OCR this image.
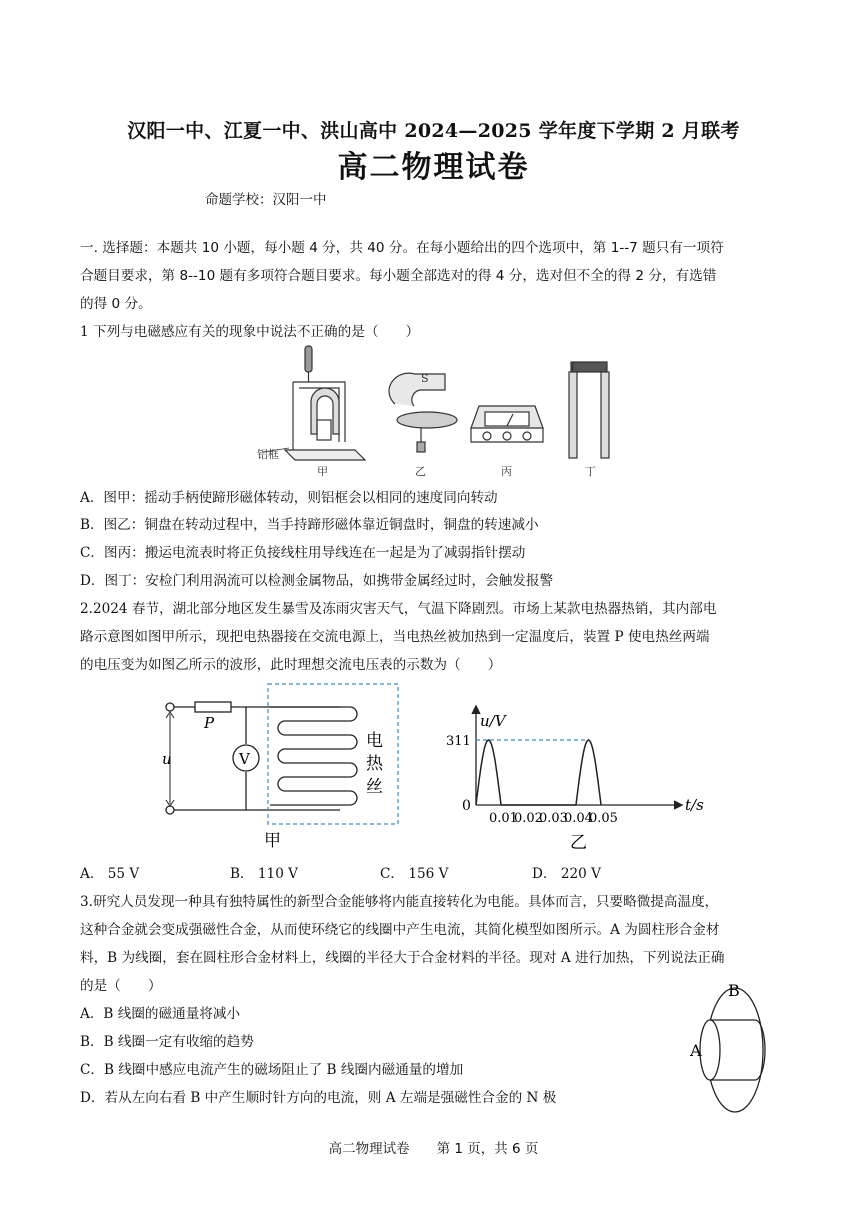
汉阳一中、江夏一中、洪山高中 2024—2025 学年度下学期 2 月联考
高二物理试卷
命题学校：汉阳一中
一. 选择题：本题共 10 小题，每小题 4 分，共 40 分。在每小题给出的四个选项中，第 1--7 题只有一项符
合题目要求，第 8--10 题有多项符合题目要求。每小题全部选对的得 4 分，选对但不全的得 2 分，有选错
的得 0 分。
1 下列与电磁感应有关的现象中说法不正确的是（　　）
铝框
甲
S
乙	丙	丁
A．图甲：摇动手柄使蹄形磁体转动，则铝框会以相同的速度同向转动
B．图乙：铜盘在转动过程中，当手持蹄形磁体靠近铜盘时，铜盘的转速减小
C．图丙：搬运电流表时将正负接线柱用导线连在一起是为了减弱指针摆动
D．图丁：安检门利用涡流可以检测金属物品，如携带金属经过时，会触发报警
2.2024 春节，湖北部分地区发生暴雪及冻雨灾害天气，气温下降剧烈。市场上某款电热器热销，其内部电
路示意图如图甲所示，现把电热器接在交流电源上，当电热丝被加热到一定温度后，装置 P 使电热丝两端
的电压变为如图乙所示的波形，此时理想交流电压表的示数为（　　）
u
P
V
电
热
丝
甲
u/V
t/s
0
311
0.01
0.02
0.03
0.04
0.05
乙
A． 55 V	B． 110 V	C． 156 V	D． 220 V
3.研究人员发现一种具有独特属性的新型合金能够将内能直接转化为电能。具体而言，只要略微提高温度，
这种合金就会变成强磁性合金，从而使环绕它的线圈中产生电流，其简化模型如图所示。A 为圆柱形合金材
料，B 为线圈，套在圆柱形合金材料上，线圈的半径大于合金材料的半径。现对 A 进行加热，下列说法正确
的是（　　）
A．B 线圈的磁通量将减小
B．B 线圈一定有收缩的趋势
C．B 线圈中感应电流产生的磁场阻止了 B 线圈内磁通量的增加
D．若从左向右看 B 中产生顺时针方向的电流，则 A 左端是强磁性合金的 N 极
B
A
高二物理试卷　　第 1 页，共 6 页
